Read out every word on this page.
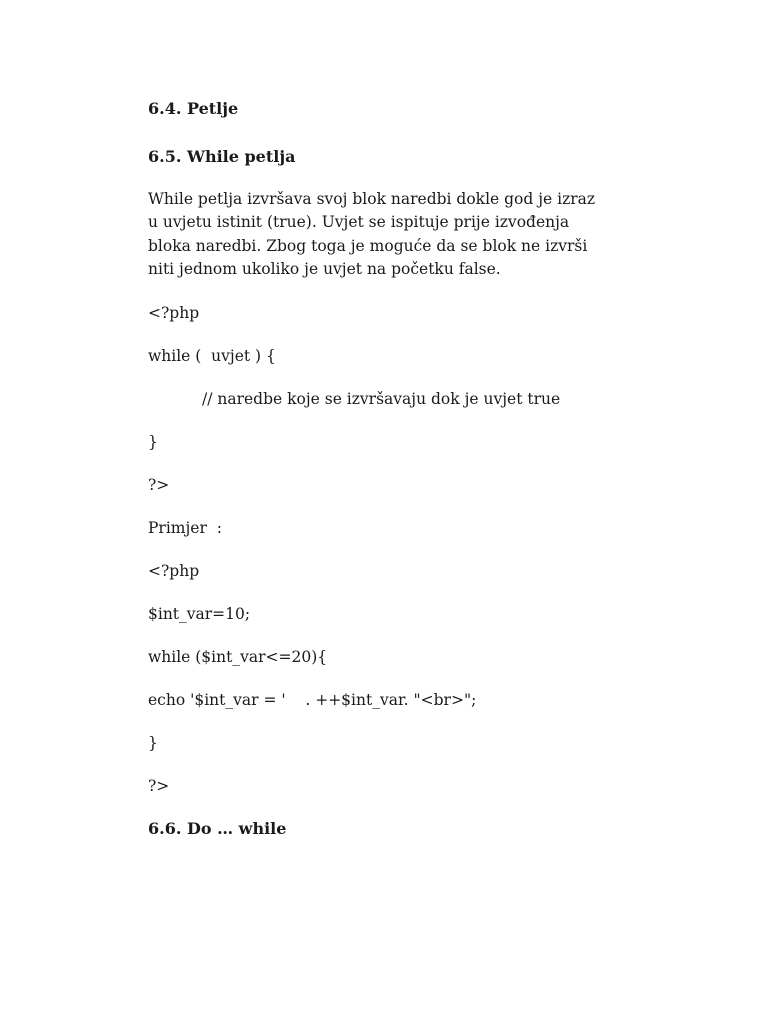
6.4. Petlje

6.5. While petlja

While petlja izvršava svoj blok naredbi dokle god je izraz
u uvjetu istinit (true). Uvjet se ispituje prije izvođenja
bloka naredbi. Zbog toga je moguće da se blok ne izvrši
niti jednom ukoliko je uvjet na početku false.

<?php

while (  uvjet ) {

// naredbe koje se izvršavaju dok je uvjet true

}

?>

Primjer  :

<?php

$int_var=10;

while ($int_var<=20){

echo '$int_var = '    . ++$int_var. "<br>";

}

?>

6.6. Do … while
